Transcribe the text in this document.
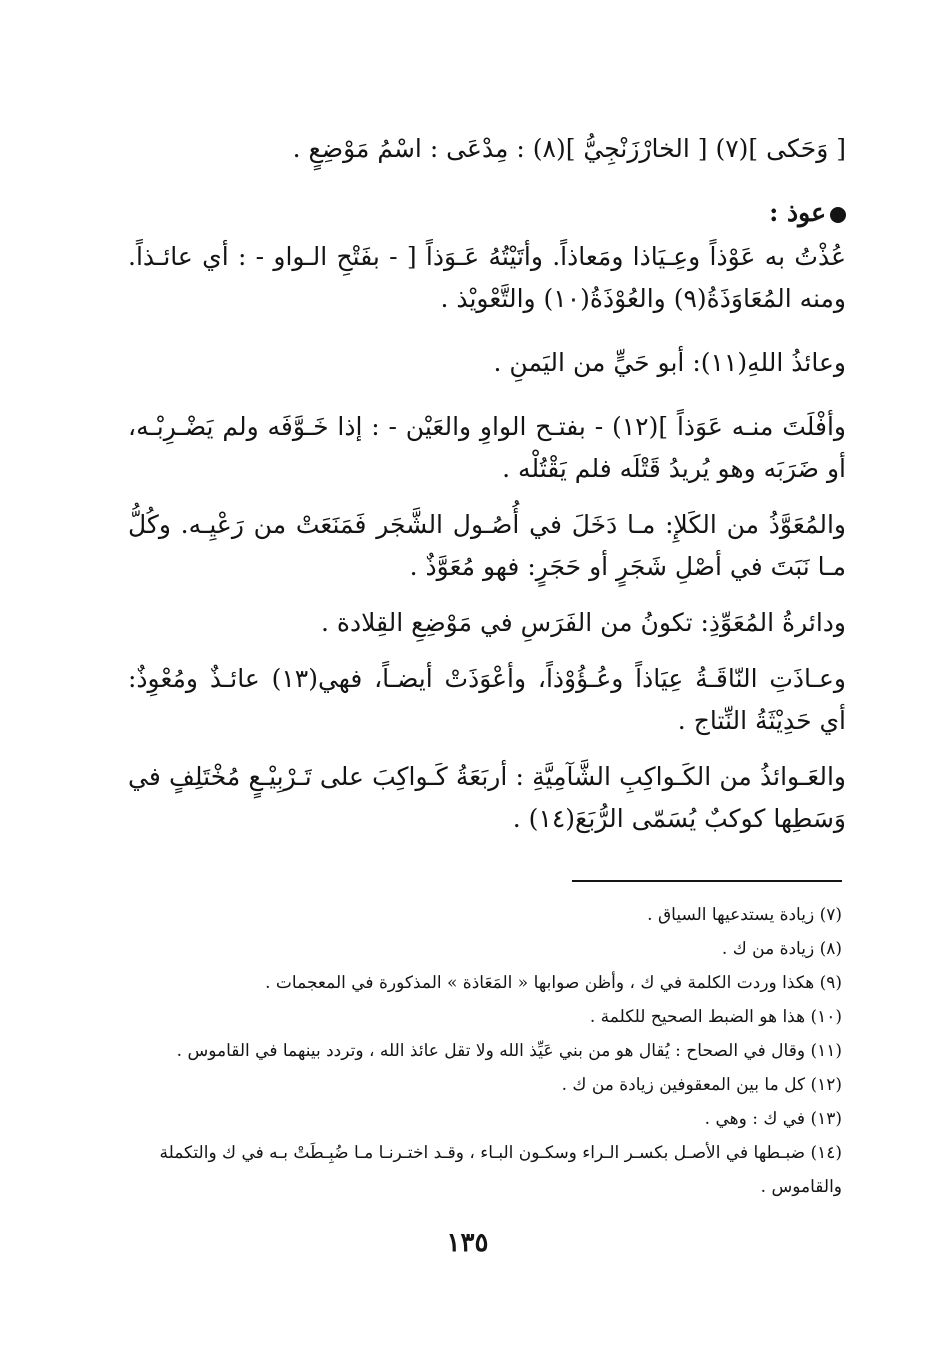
[ وَحَكى ](٧) [ الخارْزَنْجِيُّ ](٨) : مِدْعَى : اسْمُ مَوْضِعٍ .

عوذ :

عُذْتُ به عَوْذاً وعِـيَاذا ومَعاذاً. وأتَيْتُهُ عَـوَذاً [ - بفَتْحِ الـواو - : أي عائـذاً. ومنه المُعَاوَذَةُ(٩) والعُوْذَةُ(١٠) والتَّعْويْذ .

وعائذُ اللهِ(١١): أبو حَيٍّ من اليَمنِ .

وأفْلَتَ منـه عَوَذاً ](١٢) - بفتـح الواوِ والعَيْن - : إذا خَـوَّفَه ولم يَضْـرِبْـه، أو ضَرَبَه وهو يُريدُ قَتْلَه فلم يَقْتُلْه .

والمُعَوَّذُ من الكَلإِ: مـا دَخَلَ في أُصُـول الشَّجَر فَمَنَعَتْ من رَعْيِـه. وكُلُّ مـا نَبَتَ في أصْلِ شَجَرٍ أو حَجَرٍ: فهو مُعَوَّذٌ .

ودائرةُ المُعَوِّذِ: تكونُ من الفَرَسِ في مَوْضِعِ القِلادة .

وعـاذَتِ النّاقَـةُ عِيَاذاً وعُـؤُوْذاً، وأعْوَذَتْ أيضـاً، فهي(١٣) عائـذٌ ومُعْوِذٌ: أي حَدِيْثَةُ النِّتاج .

والعَـوائذُ من الكَـواكِبِ الشَّآمِيَّةِ : أربَعَةُ كَـواكِبَ على تَـرْبِيْـعٍ مُخْتَلِفٍ في وَسَطِها كوكبٌ يُسَمّى الرُّبَعَ(١٤) .

(٧) زيادة يستدعيها السياق .

(٨) زيادة من ك .

(٩) هكذا وردت الكلمة في ك ، وأظن صوابها « المَعَاذة » المذكورة في المعجمات .

(١٠) هذا هو الضبط الصحيح للكلمة .

(١١) وقال في الصحاح : يُقال هو من بني عَيِّذ الله ولا تقل عائذ الله ، وتردد بينهما في القاموس .

(١٢) كل ما بين المعقوفين زيادة من ك .

(١٣) في ك : وهي .

(١٤) ضبـطها في الأصـل بكسـر الـراء وسكـون البـاء ، وقـد اختـرنـا مـا ضُبِـطَتْ بـه في ك والتكملة والقاموس .

١٣٥
